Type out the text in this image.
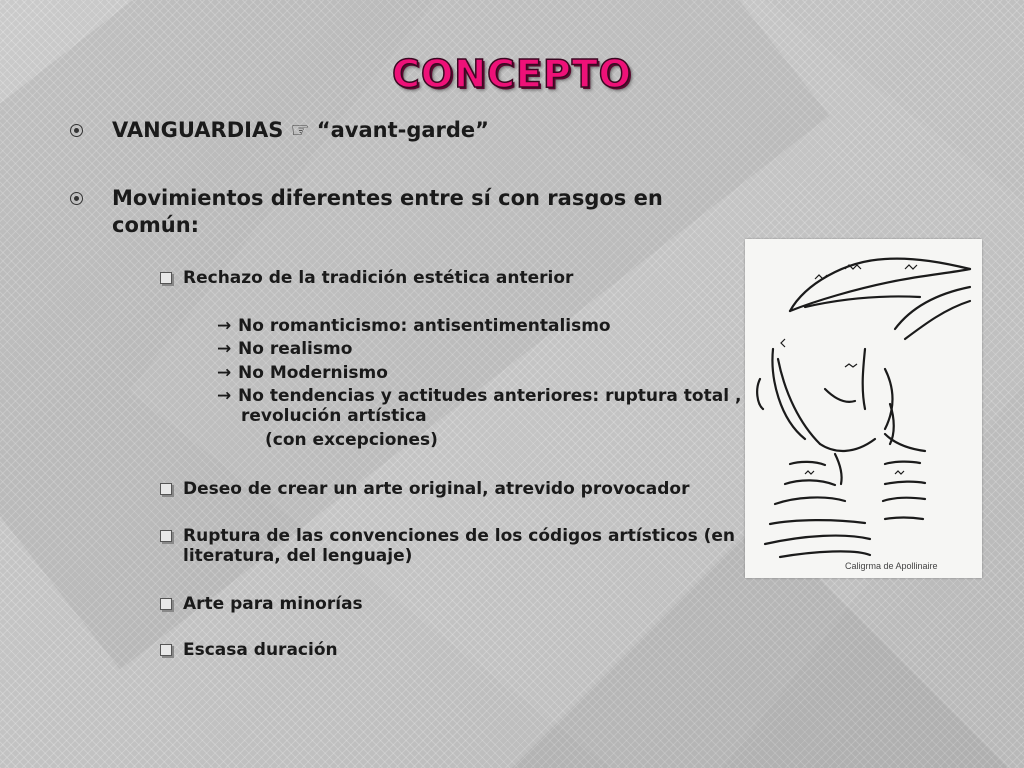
CONCEPTO
VANGUARDIAS ☞ “avant-garde”
Movimientos diferentes entre sí con rasgos en común:
Rechazo de la tradición estética anterior
→ No romanticismo: antisentimentalismo
→ No realismo
→ No Modernismo
→ No tendencias y actitudes anteriores: ruptura total ,
revolución artística
(con excepciones)
Deseo de crear un arte original, atrevido provocador
Ruptura de las convenciones de los códigos artísticos (en literatura, del lenguaje)
Arte para minorías
Escasa duración
Caligrma de Apollinaire
